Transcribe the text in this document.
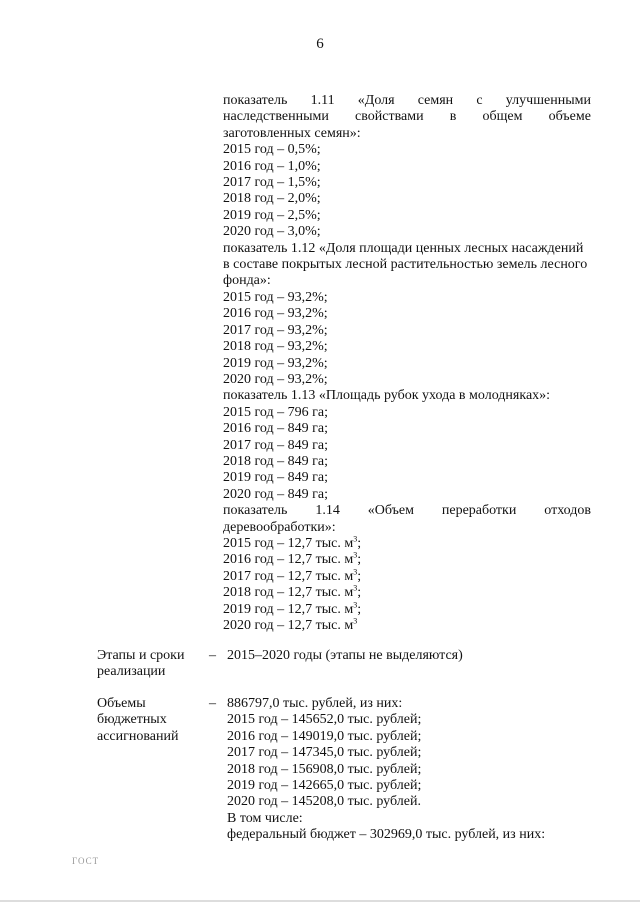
6
показатель 1.11 «Доля семян с улучшенными
наследственными свойствами в общем объеме
заготовленных семян»:
2015 год – 0,5%;
2016 год – 1,0%;
2017 год – 1,5%;
2018 год – 2,0%;
2019 год – 2,5%;
2020 год – 3,0%;
показатель 1.12 «Доля площади ценных лесных насаждений
в составе покрытых лесной растительностью земель лесного
фонда»:
2015 год – 93,2%;
2016 год – 93,2%;
2017 год – 93,2%;
2018 год – 93,2%;
2019 год – 93,2%;
2020 год – 93,2%;
показатель 1.13 «Площадь рубок ухода в молодняках»:
2015 год – 796 га;
2016 год – 849 га;
2017 год – 849 га;
2018 год – 849 га;
2019 год – 849 га;
2020 год – 849 га;
показатель 1.14 «Объем переработки отходов
деревообработки»:
2015 год – 12,7 тыс. $м^3$;
2016 год – 12,7 тыс. $м^3$;
2017 год – 12,7 тыс. $м^3$;
2018 год – 12,7 тыс. $м^3$;
2019 год – 12,7 тыс. $м^3$;
2020 год – 12,7 тыс. $м^3$
Этапы и сроки
реализации
– 2015–2020 годы (этапы не выделяются)
Объемы
бюджетных
ассигнований
– 886797,0 тыс. рублей, из них:
2015 год – 145652,0 тыс. рублей;
2016 год – 149019,0 тыс. рублей;
2017 год – 147345,0 тыс. рублей;
2018 год – 156908,0 тыс. рублей;
2019 год – 142665,0 тыс. рублей;
2020 год – 145208,0 тыс. рублей.
В том числе:
федеральный бюджет – 302969,0 тыс. рублей, из них:
ГОСТ
